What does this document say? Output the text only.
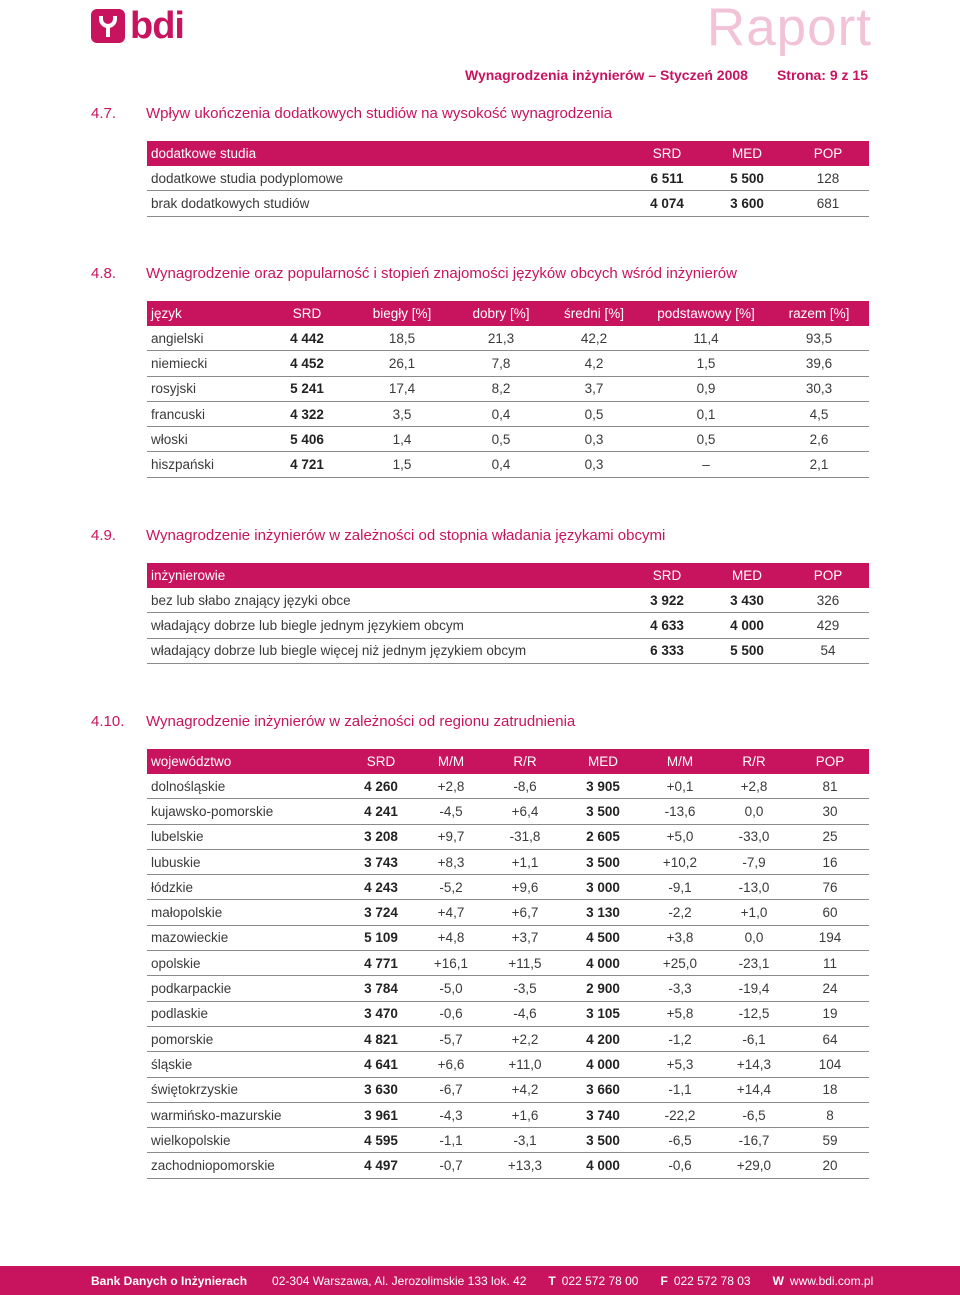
bdi	Raport
Wynagrodzenia inżynierów – Styczeń 2008 Strona: 9 z 15
4.7. Wpływ ukończenia dodatkowych studiów na wysokość wynagrodzenia
dodatkowe studia	SRD	MED	POP
dodatkowe studia podyplomowe	6 511	5 500	128
brak dodatkowych studiów	4 074	3 600	681
4.8. Wynagrodzenie oraz popularność i stopień znajomości języków obcych wśród inżynierów
język	SRD	biegły [%]	dobry [%]	średni [%]	podstawowy [%]	razem [%]
angielski	4 442	18,5	21,3	42,2	11,4	93,5
niemiecki	4 452	26,1	7,8	4,2	1,5	39,6
rosyjski	5 241	17,4	8,2	3,7	0,9	30,3
francuski	4 322	3,5	0,4	0,5	0,1	4,5
włoski	5 406	1,4	0,5	0,3	0,5	2,6
hiszpański	4 721	1,5	0,4	0,3	–	2,1
4.9. Wynagrodzenie inżynierów w zależności od stopnia władania językami obcymi
inżynierowie	SRD	MED	POP
bez lub słabo znający języki obce	3 922	3 430	326
władający dobrze lub biegle jednym językiem obcym	4 633	4 000	429
władający dobrze lub biegle więcej niż jednym językiem obcym	6 333	5 500	54
4.10. Wynagrodzenie inżynierów w zależności od regionu zatrudnienia
województwo	SRD	M/M	R/R	MED	M/M	R/R	POP
dolnośląskie	4 260	+2,8	-8,6	3 905	+0,1	+2,8	81
kujawsko-pomorskie	4 241	-4,5	+6,4	3 500	-13,6	0,0	30
lubelskie	3 208	+9,7	-31,8	2 605	+5,0	-33,0	25
lubuskie	3 743	+8,3	+1,1	3 500	+10,2	-7,9	16
łódzkie	4 243	-5,2	+9,6	3 000	-9,1	-13,0	76
małopolskie	3 724	+4,7	+6,7	3 130	-2,2	+1,0	60
mazowieckie	5 109	+4,8	+3,7	4 500	+3,8	0,0	194
opolskie	4 771	+16,1	+11,5	4 000	+25,0	-23,1	11
podkarpackie	3 784	-5,0	-3,5	2 900	-3,3	-19,4	24
podlaskie	3 470	-0,6	-4,6	3 105	+5,8	-12,5	19
pomorskie	4 821	-5,7	+2,2	4 200	-1,2	-6,1	64
śląskie	4 641	+6,6	+11,0	4 000	+5,3	+14,3	104
świętokrzyskie	3 630	-6,7	+4,2	3 660	-1,1	+14,4	18
warmińsko-mazurskie	3 961	-4,3	+1,6	3 740	-22,2	-6,5	8
wielkopolskie	4 595	-1,1	-3,1	3 500	-6,5	-16,7	59
zachodniopomorskie	4 497	-0,7	+13,3	4 000	-0,6	+29,0	20
Bank Danych o Inżynierach 02-304 Warszawa, Al. Jerozolimskie 133 lok. 42 T 022 572 78 00 F 022 572 78 03 W www.bdi.com.pl
